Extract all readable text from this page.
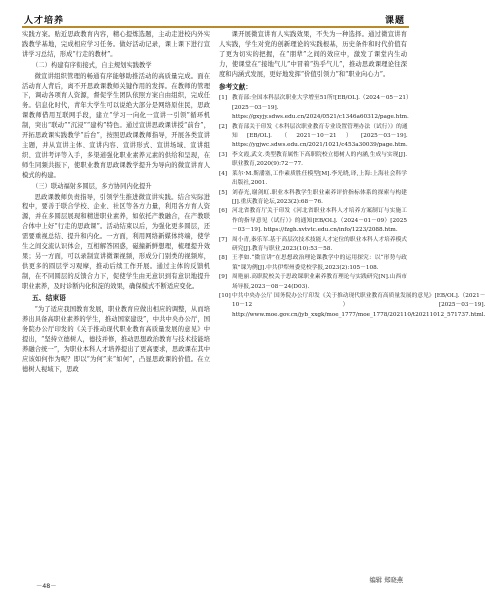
人才培养	课题

实践方案。贴近思政教育内容，精心提炼选题，主动走进校内外实践教学基地，完成相应学习任务。做好活动记录，课上课下进行宣讲学习总结，形成“行走的教材”。

（二）构建有序衔接式，自主规划实践教学

微宣讲组织管理的畅通有序能够助推活动的高质量完成。面在活动育人背后，离不开思政课教师关键作用的发挥。在教师的管理下，调动各项育人资源，督促学生团队依照方案自由组织，完成任务。信息化时代，青年大学生可以说绝大部分是网络原住民，思政课教师借用互联网手段，建立“学习一向化一宣讲一引领”循环机制，突出“联动”“沉浸”“建构”特色。通过宣讲思政课讲授“前台”，开拓思政课实践教学“后台”，按照思政课教师指导，开展各类宣讲主题，并从宣讲主体、宣讲内容、宣讲形式、宣讲场域、宣讲组织、宣讲考评等入手，多渠道强化职业素养元素的供给和呈现，在师生同频共振下，使职业教育思政课教学提升为导向的微宣讲育人模式的构建。

（三）联动福射多圆层，多方协同内化提升

思政课教师负责指导，引领学生推进微宣讲实践。结合实际进程中，要善于联合学校、企业、社区等各方力量，利用各方育人资源，并在多圆层展现和精进职业素养，如依托产教融合，在产教联合体中上好“行走的思政课”。活动结束以后，为强化更多圆层，还需要重视总结、提升和内化。一方面，利用网络新媒体终端，使学生之间交流认识体会，互相解答困惑，磁撞新鲜想理，梳理提升效果；另一方面，可以录制宣讲微课视频，形成分门别类的视频库，供更多的圆层学习观摩，推动后续工作开展。通过主体的反馈机制，在不同圆层的反馈合力下，促使学生由无意识到有意识地提升职业素养，及时诊断内化积淀的效果，确保模式不断适应变化。

五、结束语

“为了适应我国教育发展，职业教育应做出相应的调整，从而培养出具备高职业素养的学生，推动国家建设”，中共中央办公厅，国务院办公厅印发的《关于推动现代职业教育高质量发展的意见》中提出，“坚持立德树人，德技并修，推动思想政治教育与技术技能培养融合统一”，为职业本科人才培养提出了更高要求，思政课在其中应该如何作为呢？即以“为何”来“如何”，凸显思政课的价值。在立德树人视域下，思政

课开展微宣讲育人实践效果，不失为一种选择。通过微宣讲育人实践，学生对党的创新理论的实践根基，历史条件和时代价值有了更为切实的把握，在“朋辈”之间的效应中，激发了课堂内生动力，使课堂在“接地气儿”中冒着“热乎气儿”，推动思政课理论往深度和内涵式发展，更好地发挥“价值引领力”和“职业向心力”。

参考文献：

[1] 教育部:全国本科层次职业大学增至51所![EB/OL].（2024－05－21）[2025－03－19]. https://gxyjy.sdws.edu.cn/2024/0521/c1346a60312/page.htm.
[2] 教育部关于印发《本科层次职业教育专业设置管理办法（试行）》的通知[EB/OL].（2021－10－21）[2025－03－19]. https://ygjwc.sdws.edu.cn/2021/1021/c453a30039/page.htm.
[3] 李文霞,武文.类型教育属性下高职院校立德树人的内涵,生成与实现[J].职业教育,2020(9):72－77.
[4] 莱尔·M.斯潘塞,工作素质胜任模型[M].李光晓,译,上海:上海社会科学出版社,2001.
[5] 刘春光,谢剑虹.职业本科教学生职业素养评价指标体系的探索与构建[J].重庆教育论坛,2023(2):68－76.
[6] 河北省教育厅关于印发《河北省职业本科人才培养方案制订与实施工作的指导意见（试行）》的通知[EB/OL].（2024－01－09）[2025－03－19]. https://fzgh.xvtvtc.edu.cn/info/1223/2088.htm.
[7] 周小青,秦乐军.基于高层次技术技能人才定位的职业本科人才培养模式研究[J].教育与职业,2023(10):53－58.
[8] 王孝如.“微宣讲”在思想政治理论课教学中的运用探究：以“形势与政策”课为例[J].中共伊犁州委党校学报,2023(2):105－108.
[9] 周艳丽.高职院校关于思政课职业素养教育理论与实践研究[N].山西市场导报,2023－08－24(D03).
[10] 中共中央办公厅 国务院办公厅印发《关于推动现代职业教育高质量发展的意见》[EB/OL].（2021－10－12）[2025－03－19]. http://www.moe.gov.cn/jyb_xxgk/moe_1777/moe_1778/202110/t20211012_571737.html.
编辑 郑晓燕
－48－
